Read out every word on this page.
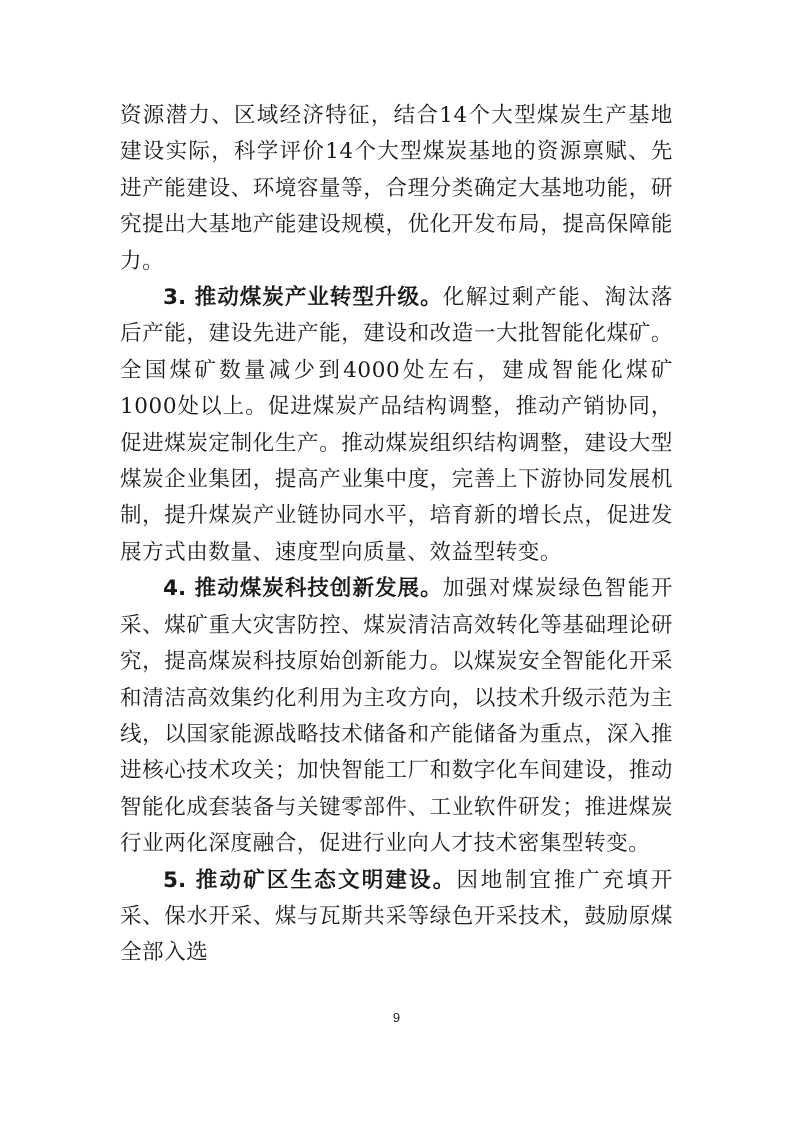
资源潜力、区域经济特征，结合14个大型煤炭生产基地建设实际，科学评价14个大型煤炭基地的资源禀赋、先进产能建设、环境容量等，合理分类确定大基地功能，研究提出大基地产能建设规模，优化开发布局，提高保障能力。

3. 推动煤炭产业转型升级。化解过剩产能、淘汰落后产能，建设先进产能，建设和改造一大批智能化煤矿。全国煤矿数量减少到4000处左右，建成智能化煤矿1000处以上。促进煤炭产品结构调整，推动产销协同，促进煤炭定制化生产。推动煤炭组织结构调整，建设大型煤炭企业集团，提高产业集中度，完善上下游协同发展机制，提升煤炭产业链协同水平，培育新的增长点，促进发展方式由数量、速度型向质量、效益型转变。

4. 推动煤炭科技创新发展。加强对煤炭绿色智能开采、煤矿重大灾害防控、煤炭清洁高效转化等基础理论研究，提高煤炭科技原始创新能力。以煤炭安全智能化开采和清洁高效集约化利用为主攻方向，以技术升级示范为主线，以国家能源战略技术储备和产能储备为重点，深入推进核心技术攻关；加快智能工厂和数字化车间建设，推动智能化成套装备与关键零部件、工业软件研发；推进煤炭行业两化深度融合，促进行业向人才技术密集型转变。

5. 推动矿区生态文明建设。因地制宜推广充填开采、保水开采、煤与瓦斯共采等绿色开采技术，鼓励原煤全部入选

9
